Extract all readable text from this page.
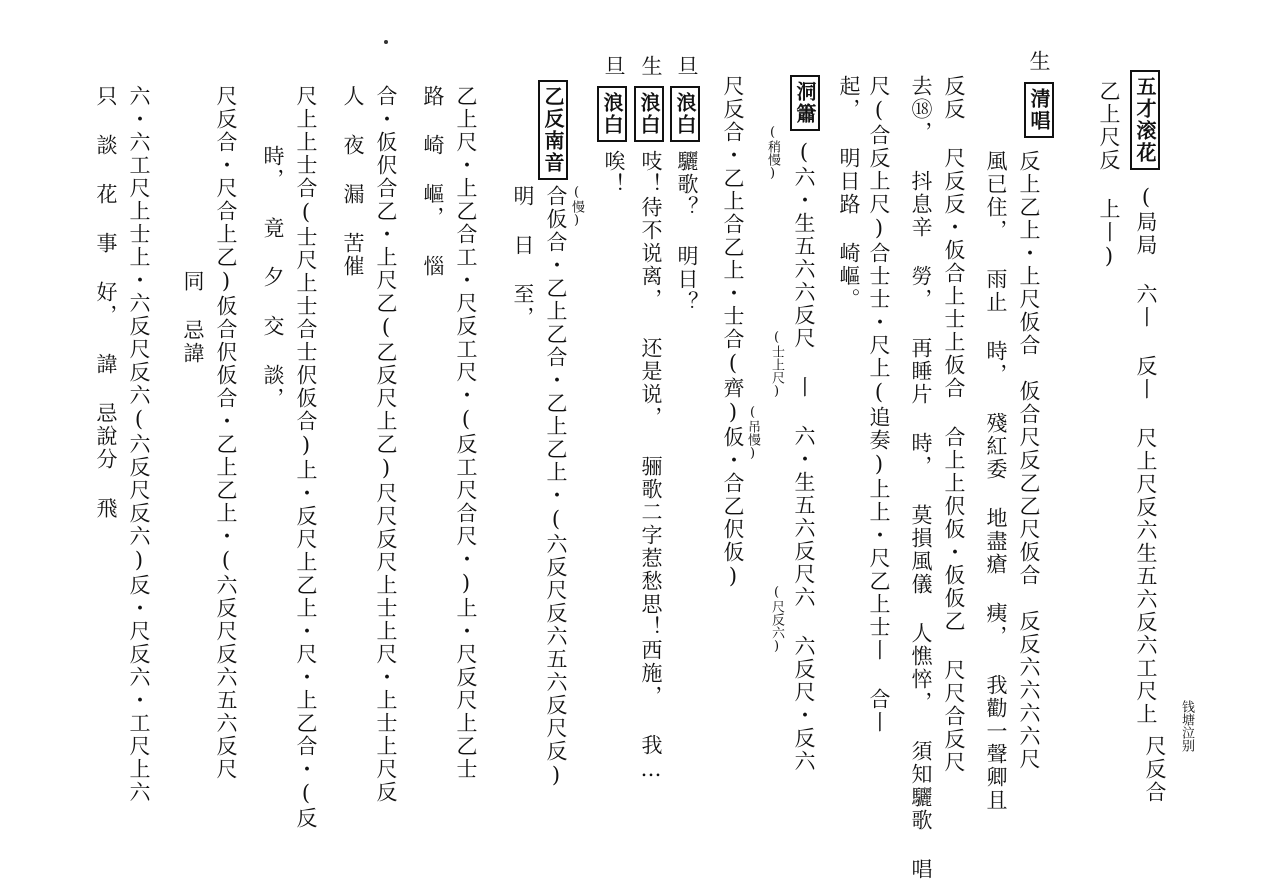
五才滚花
(局局 六丨 反丨 尺上尺反六生五六反六工尺上
乙上尺反 上丨)
尺反合
钱塘泣别
生
清唱
反上乙上・上尺仮合　仮合尺反乙乙尺仮合　反反六六六六尺
風已住， 雨止 時， 殘紅委 地盡瘡 痍， 我勸一聲卿且
反反 尺反反・仮合上士上仮合 合上上伬仮・仮仮乙 尺尺合反尺
去⑱， 抖息辛 勞， 再睡片 時， 莫損風儀 人憔悴， 須知驪歌 唱
尺(合反上尺)合士士・尺上(追奏)上上・尺乙上士丨 合丨
起， 明日路 崎嶇。
洞簫
(稍慢) (六・生五六六反尺 丨 六・生五六反尺六 六反尺・反六
(士上尺)
(尺反六)
尺反合・乙上合乙上・士合(齊)仮・合乙伬仮) (吊慢)
旦
浪白
驪歌？ 明日？
生
浪白
吱！待不说离， 还是说， 骊歌二字惹愁思！西施， 我…
旦
浪白
唉！
乙反南音
合仮合・乙上乙合・乙上乙上・(六反尺反六五六反尺反) (慢)
明 日 至，
乙上尺・上乙合工・尺反工尺・(反工尺合尺・)上・尺反尺上乙士
路 崎 嶇， 惱
合・仮伬合乙・上尺乙(乙反尺上乙)尺尺反尺上士上尺・上士上尺反
人 夜 漏 苦催
尺上上士合(士尺上士合士伬仮合)上・反尺上乙上・尺・上乙合・(反
時， 竟 夕 交 談，
尺反合・尺合上乙)仮合伬仮合・乙上乙上・(六反尺反六五六反尺
同 忌諱
六・六工尺上士上・六反尺反六(六反尺反六)反・尺反六・工尺上六
只 談 花 事 好， 諱 忌說分 飛
